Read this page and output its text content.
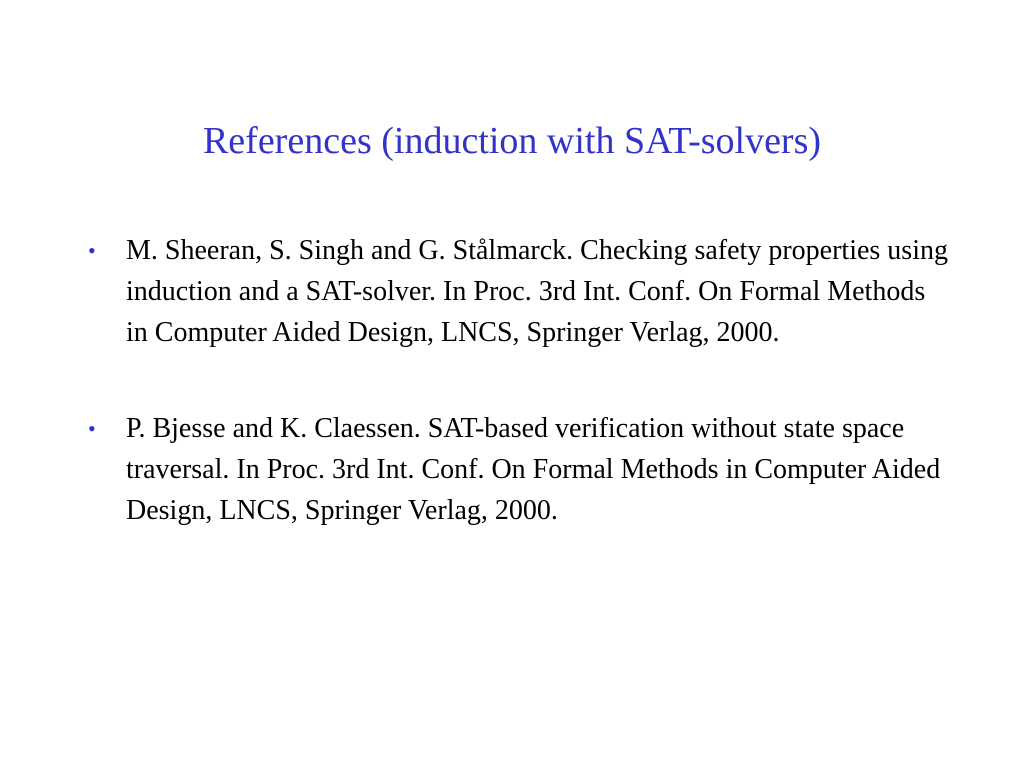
References (induction with SAT-solvers)
• M. Sheeran, S. Singh and G. Stålmarck. Checking safety properties using induction and a SAT-solver. In Proc. 3rd Int. Conf. On Formal Methods in Computer Aided Design, LNCS, Springer Verlag, 2000.
• P. Bjesse and K. Claessen. SAT-based verification without state space traversal. In Proc. 3rd Int. Conf. On Formal Methods in Computer Aided Design, LNCS, Springer Verlag, 2000.
